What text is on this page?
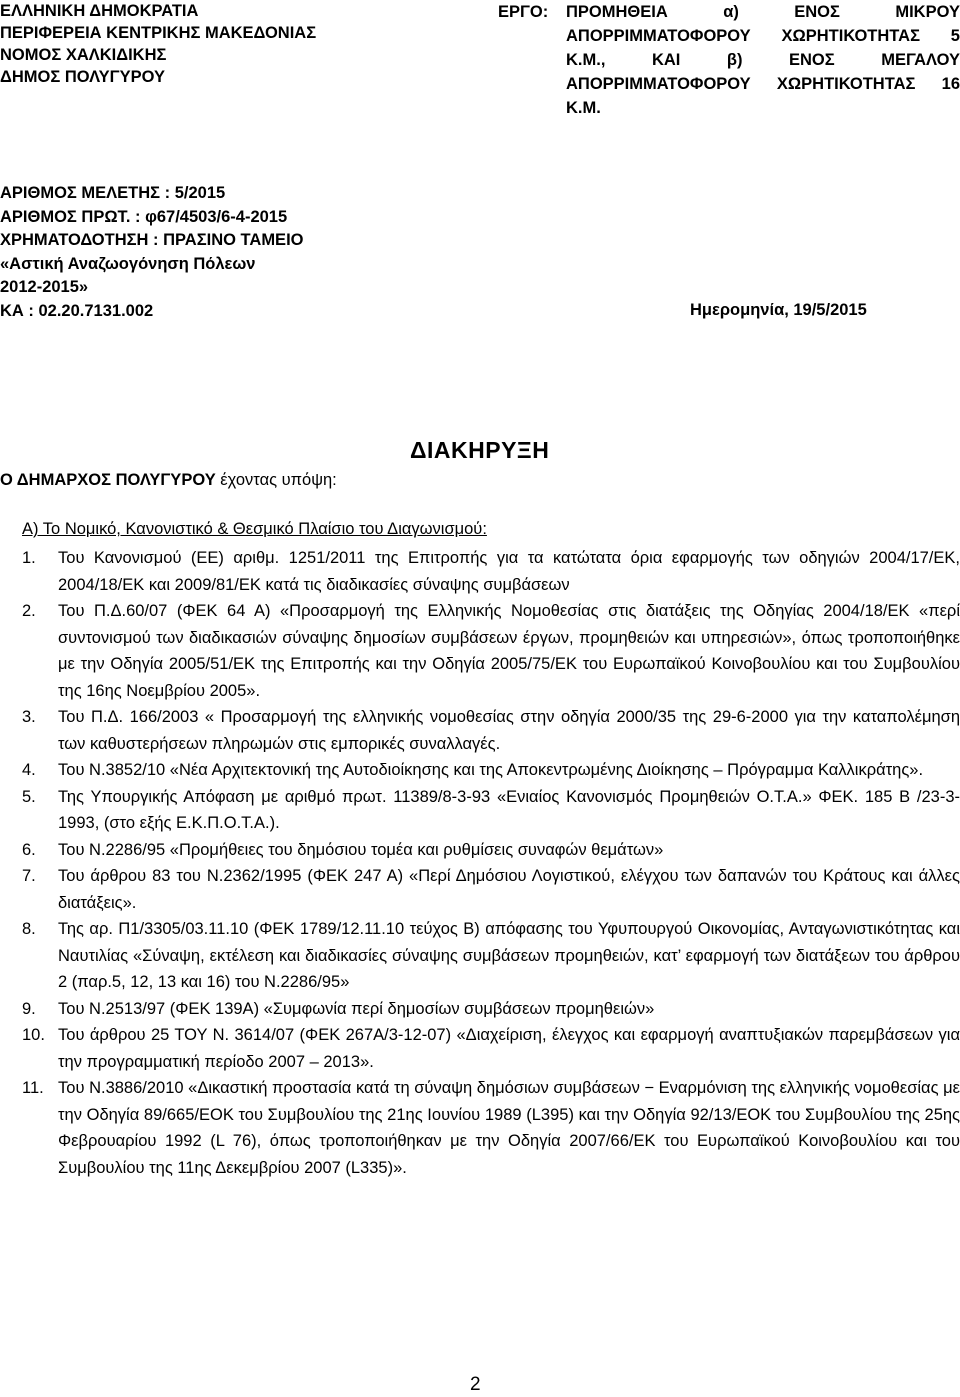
ΕΛΛΗΝΙΚΗ ΔΗΜΟΚΡΑΤΙΑ
ΠΕΡΙΦΕΡΕΙΑ ΚΕΝΤΡΙΚΗΣ ΜΑΚΕΔΟΝΙΑΣ
ΝΟΜΟΣ ΧΑΛΚΙΔΙΚΗΣ
ΔΗΜΟΣ ΠΟΛΥΓΥΡΟΥ
ΕΡΓΟ:	ΠΡΟΜΗΘΕΙΑ	α)	ΕΝΟΣ	ΜΙΚΡΟΥ
ΑΠΟΡΡΙΜΜΑΤΟΦΟΡΟΥ ΧΩΡΗΤΙΚΟΤΗΤΑΣ 5
Κ.Μ.,	ΚΑΙ	β)	ΕΝΟΣ	ΜΕΓΑΛΟΥ
ΑΠΟΡΡΙΜΜΑΤΟΦΟΡΟΥ ΧΩΡΗΤΙΚΟΤΗΤΑΣ 16
Κ.Μ.
ΑΡΙΘΜΟΣ ΜΕΛΕΤΗΣ : 5/2015
ΑΡΙΘΜΟΣ ΠΡΩΤ. : φ67/4503/6-4-2015
ΧΡΗΜΑΤΟΔΟΤΗΣΗ : ΠΡΑΣΙΝΟ ΤΑΜΕΙΟ
«Αστική Αναζωογόνηση Πόλεων
2012-2015»
ΚΑ : 02.20.7131.002	Ημερομηνία, 19/5/2015
ΔΙΑΚΗΡΥΞΗ
Ο ΔΗΜΑΡΧΟΣ ΠΟΛΥΓΥΡΟΥ έχοντας υπόψη:
Α) Το Νομικό, Κανονιστικό & Θεσμικό Πλαίσιο του Διαγωνισμού:
1.	Του Κανονισμού (ΕΕ) αριθμ. 1251/2011 της Επιτροπής για τα κατώτατα όρια εφαρμογής των οδηγιών 2004/17/ΕΚ, 2004/18/ΕΚ και 2009/81/ΕΚ κατά τις διαδικασίες σύναψης συμβάσεων
2.	Του Π.Δ.60/07 (ΦΕΚ 64 Α) «Προσαρμογή της Ελληνικής Νομοθεσίας στις διατάξεις της Οδηγίας 2004/18/ΕΚ «περί συντονισμού των διαδικασιών σύναψης δημοσίων συμβάσεων έργων, προμηθειών και υπηρεσιών», όπως τροποποιήθηκε με την Οδηγία 2005/51/ΕΚ της Επιτροπής και την Οδηγία 2005/75/ΕΚ του Ευρωπαϊκού Κοινοβουλίου και του Συμβουλίου της 16ης Νοεμβρίου 2005».
3.	Του Π.Δ. 166/2003 « Προσαρμογή της ελληνικής νομοθεσίας στην οδηγία 2000/35 της 29-6-2000 για την καταπολέμηση των καθυστερήσεων πληρωμών στις εμπορικές συναλλαγές.
4.	Του Ν.3852/10 «Νέα Αρχιτεκτονική της Αυτοδιοίκησης και της Αποκεντρωμένης Διοίκησης – Πρόγραμμα Καλλικράτης».
5.	Της Υπουργικής Απόφαση με αριθμό πρωτ. 11389/8-3-93 «Ενιαίος Κανονισμός Προμηθειών Ο.Τ.Α.» ΦΕΚ. 185 Β /23-3-1993, (στο εξής Ε.Κ.Π.Ο.Τ.Α.).
6.	Του Ν.2286/95 «Προμήθειες του δημόσιου τομέα και ρυθμίσεις συναφών θεμάτων»
7.	Του άρθρου 83 του Ν.2362/1995 (ΦΕΚ 247 Α) «Περί Δημόσιου Λογιστικού, ελέγχου των δαπανών του Κράτους και άλλες διατάξεις».
8.	Της αρ. Π1/3305/03.11.10 (ΦΕΚ 1789/12.11.10 τεύχος Β) απόφασης του Υφυπουργού Οικονομίας, Ανταγωνιστικότητας και Ναυτιλίας «Σύναψη, εκτέλεση και διαδικασίες σύναψης συμβάσεων προμηθειών, κατ’ εφαρμογή των διατάξεων του άρθρου 2 (παρ.5, 12, 13 και 16) του Ν.2286/95»
9.	Του Ν.2513/97 (ΦΕΚ 139Α) «Συμφωνία περί δημοσίων συμβάσεων προμηθειών»
10. Του άρθρου 25 ΤΟΥ Ν. 3614/07 (ΦΕΚ 267Α/3-12-07) «Διαχείριση, έλεγχος και εφαρμογή αναπτυξιακών παρεμβάσεων για την προγραμματική περίοδο 2007 – 2013».
11. Του Ν.3886/2010 «Δικαστική προστασία κατά τη σύναψη δημόσιων συμβάσεων − Εναρμόνιση της ελληνικής νομοθεσίας με την Οδηγία 89/665/ΕΟΚ του Συμβουλίου της 21ης Ιουνίου 1989 (L395) και την Οδηγία 92/13/ΕΟΚ του Συμβουλίου της 25ης Φεβρουαρίου 1992 (L 76), όπως τροποποιήθηκαν με την Οδηγία 2007/66/ΕΚ του Ευρωπαϊκού Κοινοβουλίου και του Συμβουλίου της 11ης Δεκεμβρίου 2007 (L335)».
2
